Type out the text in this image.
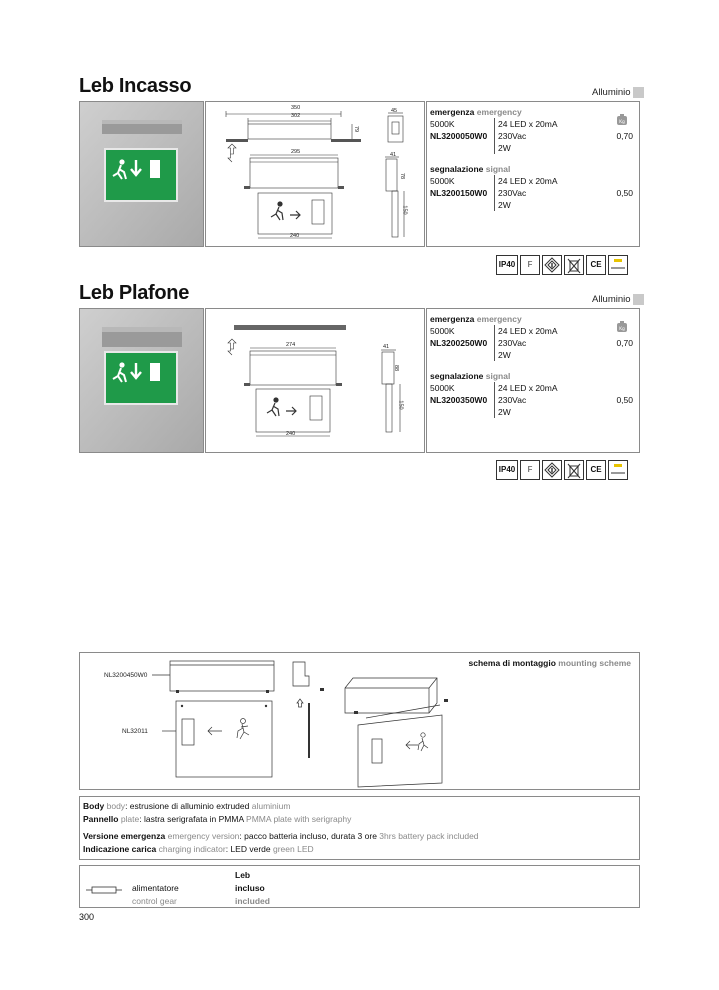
Leb Incasso	Alluminio
350
302
79
45
295	41
78
150
240
emergenza emergency
5000K	24 LED x 20mA	Kg
NL3200050W0	230Vac	0,70
2W
segnalazione signal
5000K	24 LED x 20mA
NL3200150W0	230Vac	0,50
2W
IP40 F	I	CE
Leb Plafone	Alluminio
274	41
88
150
240
emergenza emergency
5000K	24 LED x 20mA	Kg
NL3200250W0	230Vac	0,70
2W
segnalazione signal
5000K	24 LED x 20mA
NL3200350W0	230Vac	0,50
2W
IP40 F	I	CE
schema di montaggio mounting scheme
NL3200450W0
NL32011
Body body: estrusione di alluminio extruded aluminium
Pannello plate: lastra serigrafata in PMMA PMMA plate with serigraphy
Versione emergenza emergency version: pacco batteria incluso, durata 3 ore 3hrs battery pack included
Indicazione carica charging indicator: LED verde green LED
alimentatore
control gear
Leb
incluso
included
300
